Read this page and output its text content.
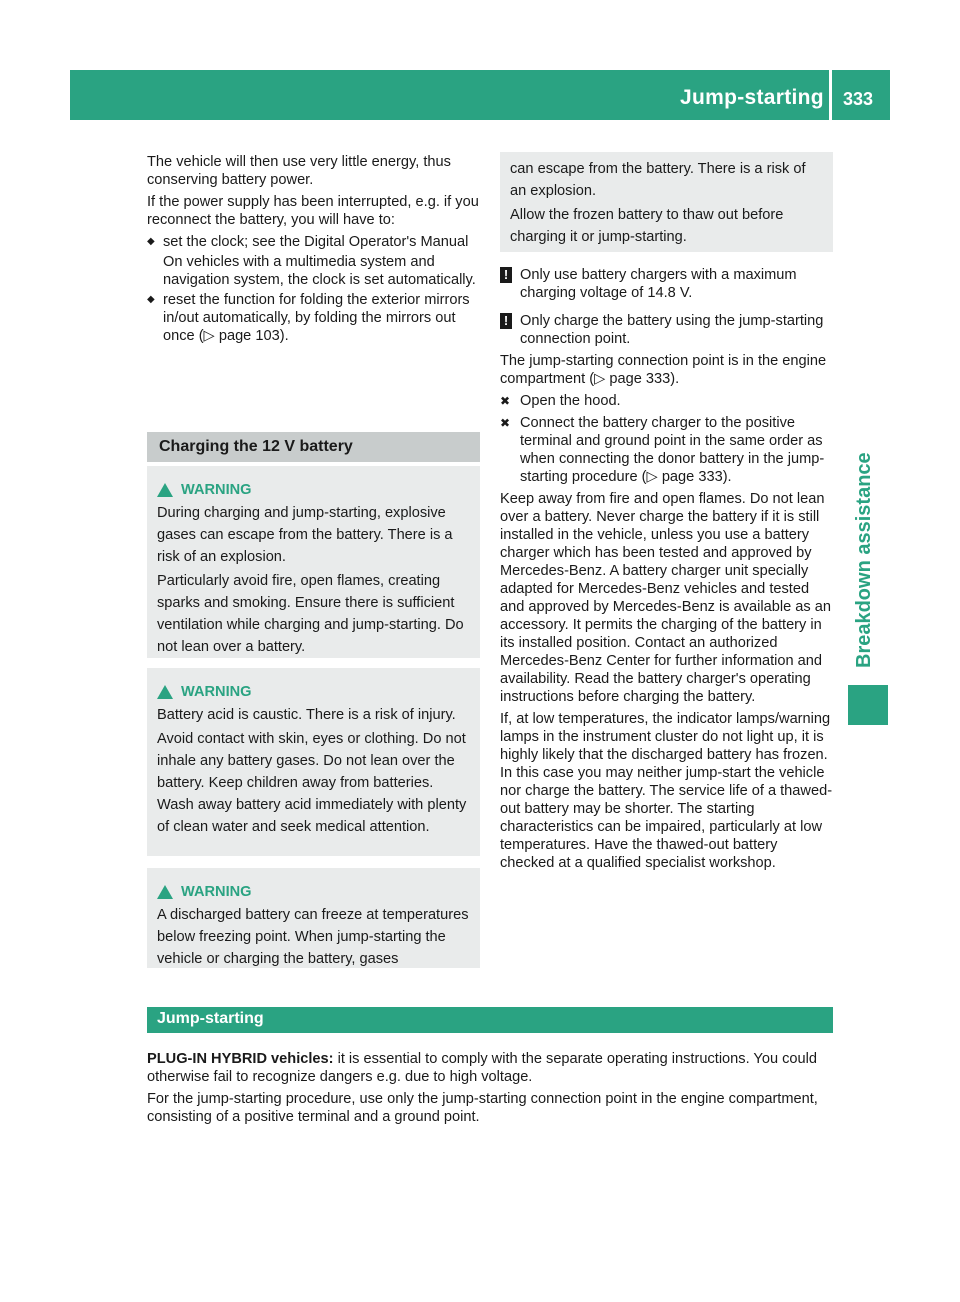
Jump-starting 333
Breakdown assistance

The vehicle will then use very little energy, thus conserving battery power.

If the power supply has been interrupted, e.g. if you reconnect the battery, you will have to:

◆ set the clock; see the Digital Operator's Manual
On vehicles with a multimedia system and navigation system, the clock is set automatically.
◆ reset the function for folding the exterior mirrors in/out automatically, by folding the mirrors out once (▷ page 103).
Charging the 12 V battery
WARNING

During charging and jump-starting, explosive gases can escape from the battery. There is a risk of an explosion.

Particularly avoid fire, open flames, creating sparks and smoking. Ensure there is sufficient ventilation while charging and jump-starting. Do not lean over a battery.

WARNING

Battery acid is caustic. There is a risk of injury.

Avoid contact with skin, eyes or clothing. Do not inhale any battery gases. Do not lean over the battery. Keep children away from batteries. Wash away battery acid immediately with plenty of clean water and seek medical attention.

WARNING

A discharged battery can freeze at temperatures below freezing point. When jump-starting the vehicle or charging the battery, gases

can escape from the battery. There is a risk of an explosion.

Allow the frozen battery to thaw out before charging it or jump-starting.

! Only use battery chargers with a maximum charging voltage of 14.8 V.
! Only charge the battery using the jump-starting connection point.

The jump-starting connection point is in the engine compartment (▷ page 333).

✖ Open the hood.
✖ Connect the battery charger to the positive terminal and ground point in the same order as when connecting the donor battery in the jump-starting procedure (▷ page 333).

Keep away from fire and open flames. Do not lean over a battery. Never charge the battery if it is still installed in the vehicle, unless you use a battery charger which has been tested and approved by Mercedes-Benz. A battery charger unit specially adapted for Mercedes-Benz vehicles and tested and approved by Mercedes-Benz is available as an accessory. It permits the charging of the battery in its installed position. Contact an authorized Mercedes-Benz Center for further information and availability. Read the battery charger's operating instructions before charging the battery.

If, at low temperatures, the indicator lamps/warning lamps in the instrument cluster do not light up, it is highly likely that the discharged battery has frozen. In this case you may neither jump-start the vehicle nor charge the battery. The service life of a thawed-out battery may be shorter. The starting characteristics can be impaired, particularly at low temperatures. Have the thawed-out battery checked at a qualified specialist workshop.

Jump-starting

PLUG-IN HYBRID vehicles: it is essential to comply with the separate operating instructions. You could otherwise fail to recognize dangers e.g. due to high voltage.

For the jump-starting procedure, use only the jump-starting connection point in the engine compartment, consisting of a positive terminal and a ground point.
